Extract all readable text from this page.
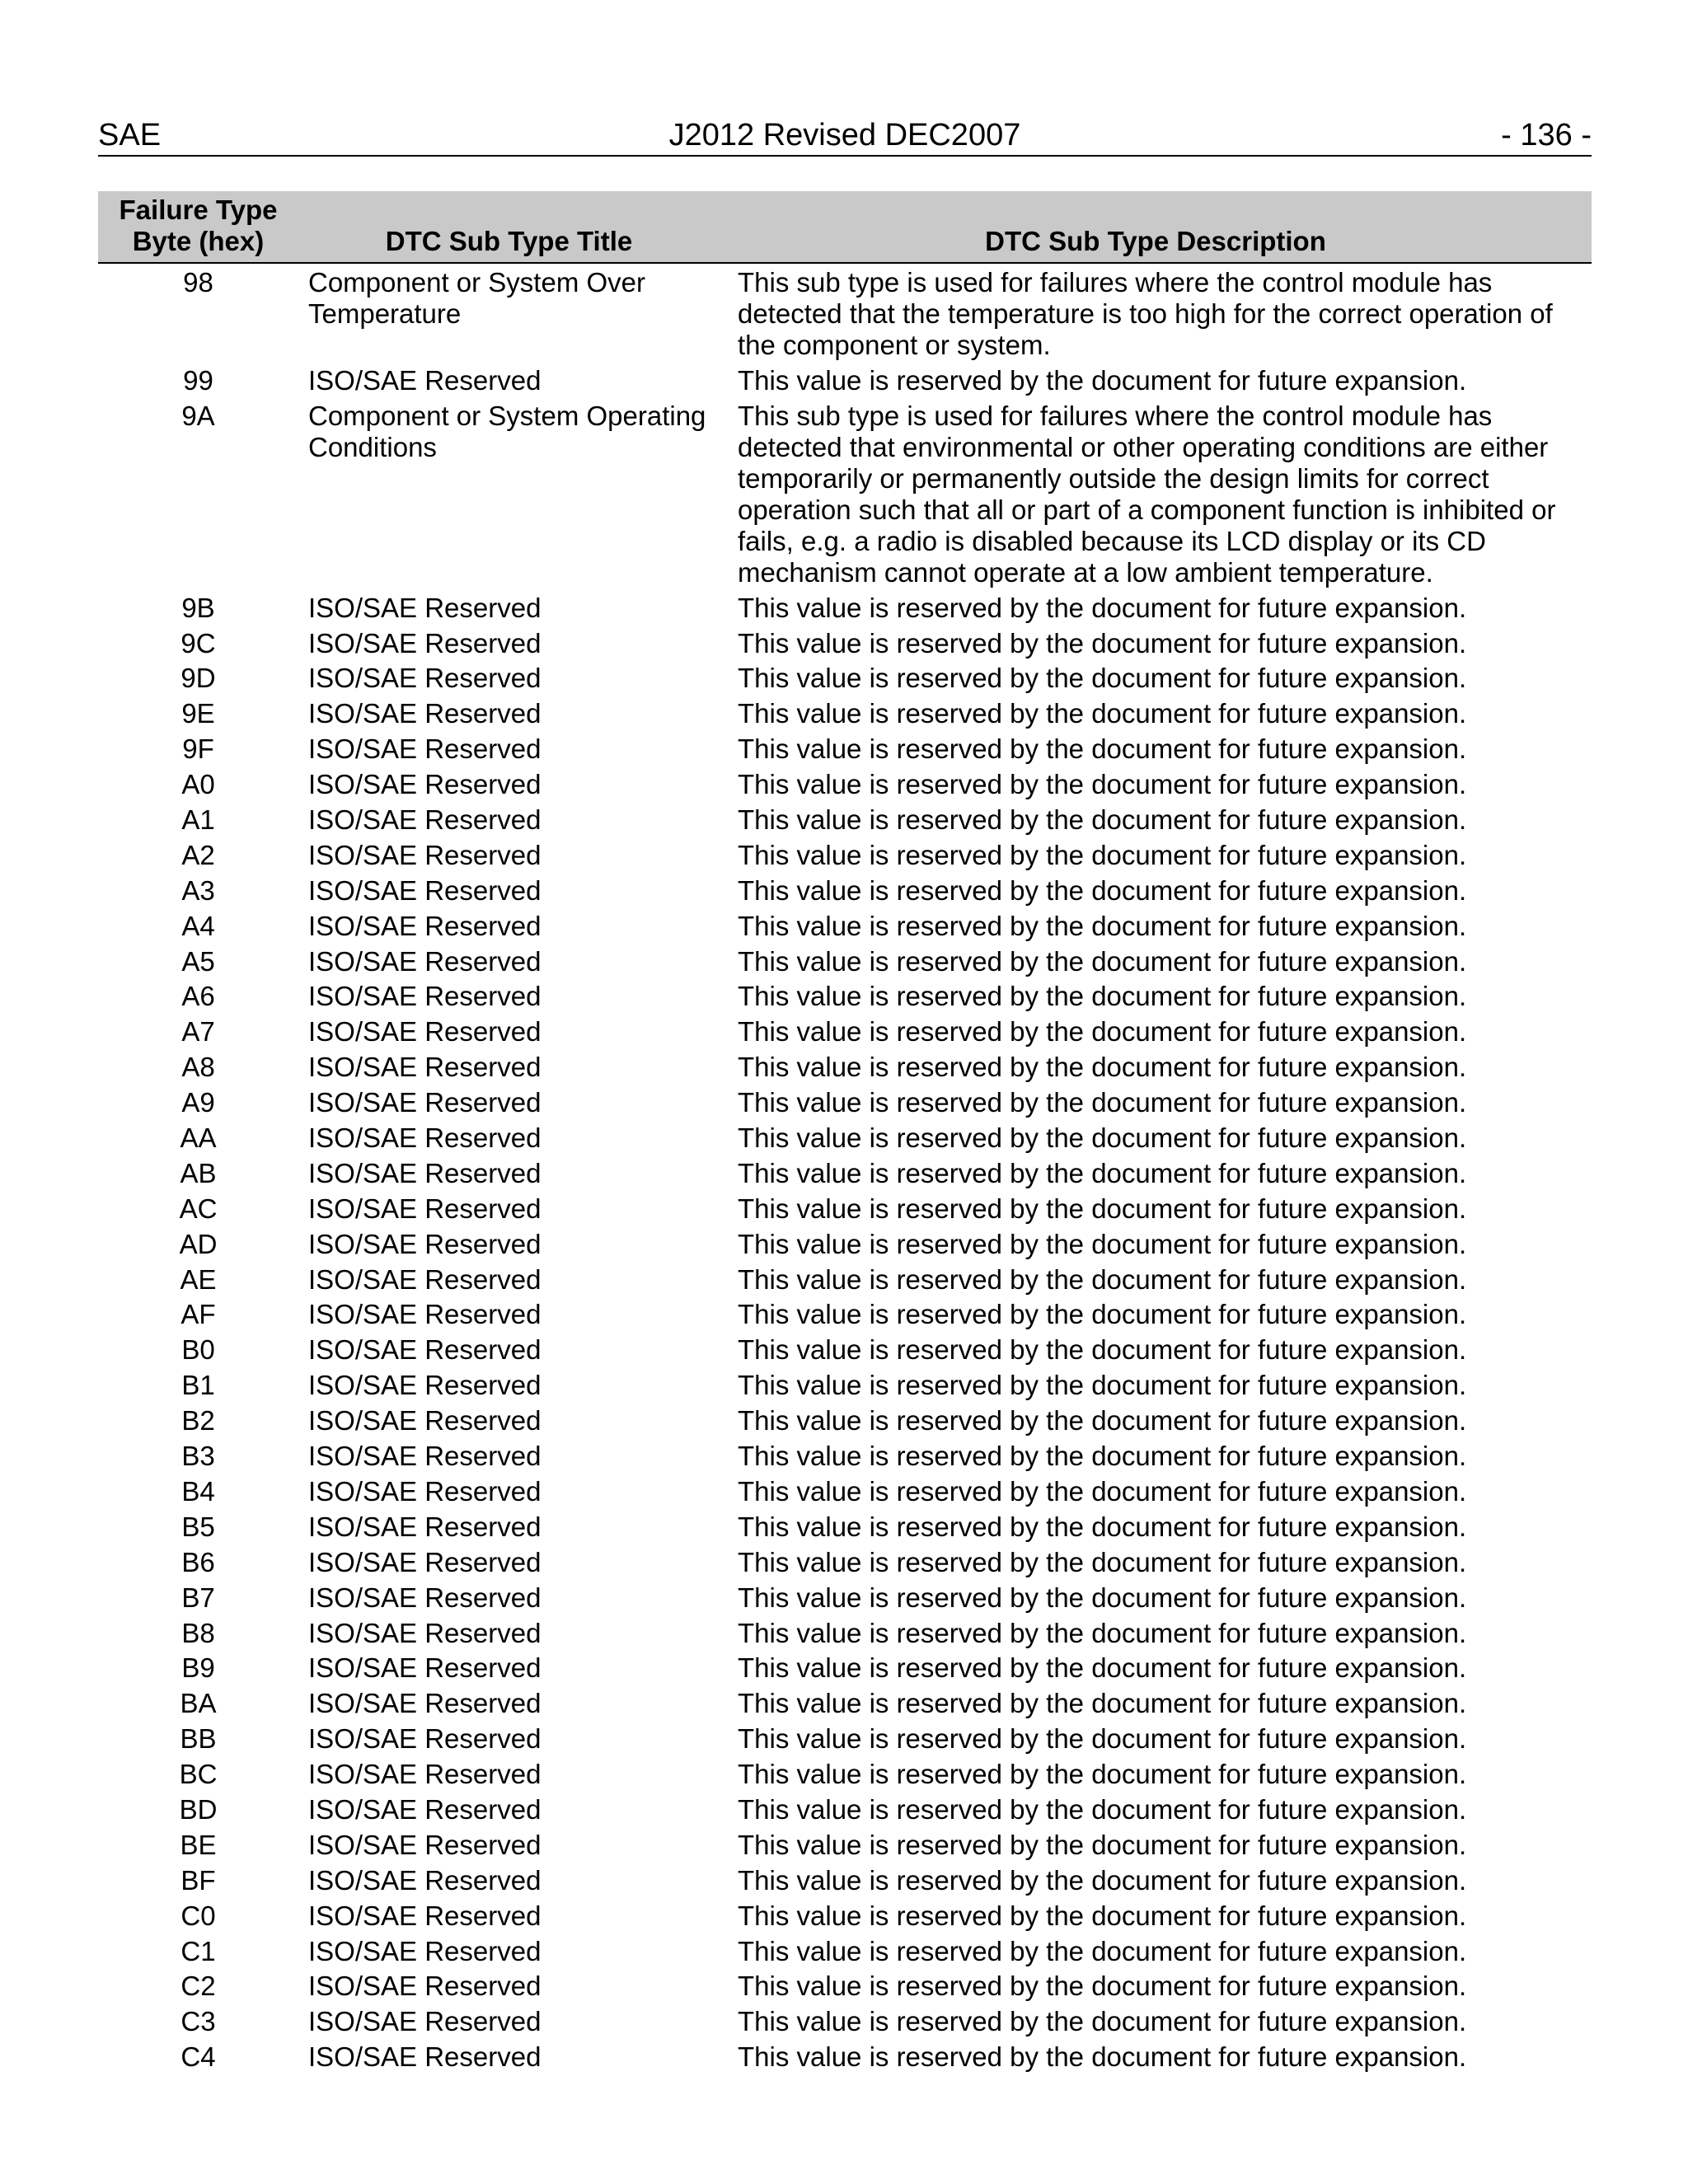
SAE	J2012 Revised DEC2007	- 136 -
Failure Type
Byte (hex)	DTC Sub Type Title	DTC Sub Type Description
98	Component or System Over Temperature	This sub type is used for failures where the control module has detected that the temperature is too high for the correct operation of the component or system.
99	ISO/SAE Reserved	This value is reserved by the document for future expansion.
9A	Component or System Operating Conditions	This sub type is used for failures where the control module has detected that environmental or other operating conditions are either temporarily or permanently outside the design limits for correct operation such that all or part of a component function is inhibited or fails, e.g. a radio is disabled because its LCD display or its CD mechanism cannot operate at a low ambient temperature.
9B	ISO/SAE Reserved	This value is reserved by the document for future expansion.
9C	ISO/SAE Reserved	This value is reserved by the document for future expansion.
9D	ISO/SAE Reserved	This value is reserved by the document for future expansion.
9E	ISO/SAE Reserved	This value is reserved by the document for future expansion.
9F	ISO/SAE Reserved	This value is reserved by the document for future expansion.
A0	ISO/SAE Reserved	This value is reserved by the document for future expansion.
A1	ISO/SAE Reserved	This value is reserved by the document for future expansion.
A2	ISO/SAE Reserved	This value is reserved by the document for future expansion.
A3	ISO/SAE Reserved	This value is reserved by the document for future expansion.
A4	ISO/SAE Reserved	This value is reserved by the document for future expansion.
A5	ISO/SAE Reserved	This value is reserved by the document for future expansion.
A6	ISO/SAE Reserved	This value is reserved by the document for future expansion.
A7	ISO/SAE Reserved	This value is reserved by the document for future expansion.
A8	ISO/SAE Reserved	This value is reserved by the document for future expansion.
A9	ISO/SAE Reserved	This value is reserved by the document for future expansion.
AA	ISO/SAE Reserved	This value is reserved by the document for future expansion.
AB	ISO/SAE Reserved	This value is reserved by the document for future expansion.
AC	ISO/SAE Reserved	This value is reserved by the document for future expansion.
AD	ISO/SAE Reserved	This value is reserved by the document for future expansion.
AE	ISO/SAE Reserved	This value is reserved by the document for future expansion.
AF	ISO/SAE Reserved	This value is reserved by the document for future expansion.
B0	ISO/SAE Reserved	This value is reserved by the document for future expansion.
B1	ISO/SAE Reserved	This value is reserved by the document for future expansion.
B2	ISO/SAE Reserved	This value is reserved by the document for future expansion.
B3	ISO/SAE Reserved	This value is reserved by the document for future expansion.
B4	ISO/SAE Reserved	This value is reserved by the document for future expansion.
B5	ISO/SAE Reserved	This value is reserved by the document for future expansion.
B6	ISO/SAE Reserved	This value is reserved by the document for future expansion.
B7	ISO/SAE Reserved	This value is reserved by the document for future expansion.
B8	ISO/SAE Reserved	This value is reserved by the document for future expansion.
B9	ISO/SAE Reserved	This value is reserved by the document for future expansion.
BA	ISO/SAE Reserved	This value is reserved by the document for future expansion.
BB	ISO/SAE Reserved	This value is reserved by the document for future expansion.
BC	ISO/SAE Reserved	This value is reserved by the document for future expansion.
BD	ISO/SAE Reserved	This value is reserved by the document for future expansion.
BE	ISO/SAE Reserved	This value is reserved by the document for future expansion.
BF	ISO/SAE Reserved	This value is reserved by the document for future expansion.
C0	ISO/SAE Reserved	This value is reserved by the document for future expansion.
C1	ISO/SAE Reserved	This value is reserved by the document for future expansion.
C2	ISO/SAE Reserved	This value is reserved by the document for future expansion.
C3	ISO/SAE Reserved	This value is reserved by the document for future expansion.
C4	ISO/SAE Reserved	This value is reserved by the document for future expansion.
